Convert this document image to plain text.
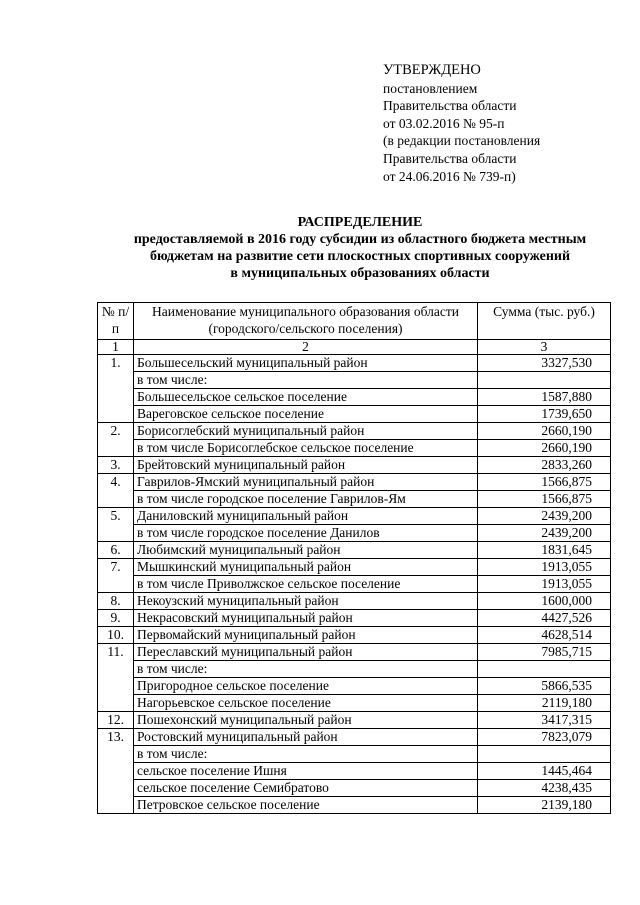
УТВЕРЖДЕНО
постановлением
Правительства области
от 03.02.2016 № 95-п
(в редакции постановления
Правительства области
от 24.06.2016 № 739-п)
РАСПРЕДЕЛЕНИЕ
предоставляемой в 2016 году субсидии из областного бюджета местным
бюджетам на развитие сети плоскостных спортивных сооружений
в муниципальных образованиях области
№ п/п	Наименование муниципального образования области (городского/сельского поселения)	Сумма (тыс. руб.)
1	2	3
1.	Большесельский муниципальный район	3327,530
	в том числе:	
	Большесельское сельское поселение	1587,880
	Вареговское сельское поселение	1739,650
2.	Борисоглебский муниципальный район	2660,190
	в том числе Борисоглебское сельское поселение	2660,190
3.	Брейтовский муниципальный район	2833,260
4.	Гаврилов-Ямский муниципальный район	1566,875
	в том числе городское поселение Гаврилов-Ям	1566,875
5.	Даниловский муниципальный район	2439,200
	в том числе городское поселение Данилов	2439,200
6.	Любимский муниципальный район	1831,645
7.	Мышкинский муниципальный район	1913,055
	в том числе Приволжское сельское поселение	1913,055
8.	Некоузский муниципальный район	1600,000
9.	Некрасовский муниципальный район	4427,526
10.	Первомайский муниципальный район	4628,514
11.	Переславский муниципальный район	7985,715
	в том числе:	
	Пригородное сельское поселение	5866,535
	Нагорьевское сельское поселение	2119,180
12.	Пошехонский муниципальный район	3417,315
13.	Ростовский муниципальный район	7823,079
	в том числе:	
	сельское поселение Ишня	1445,464
	сельское поселение Семибратово	4238,435
	Петровское сельское поселение	2139,180
